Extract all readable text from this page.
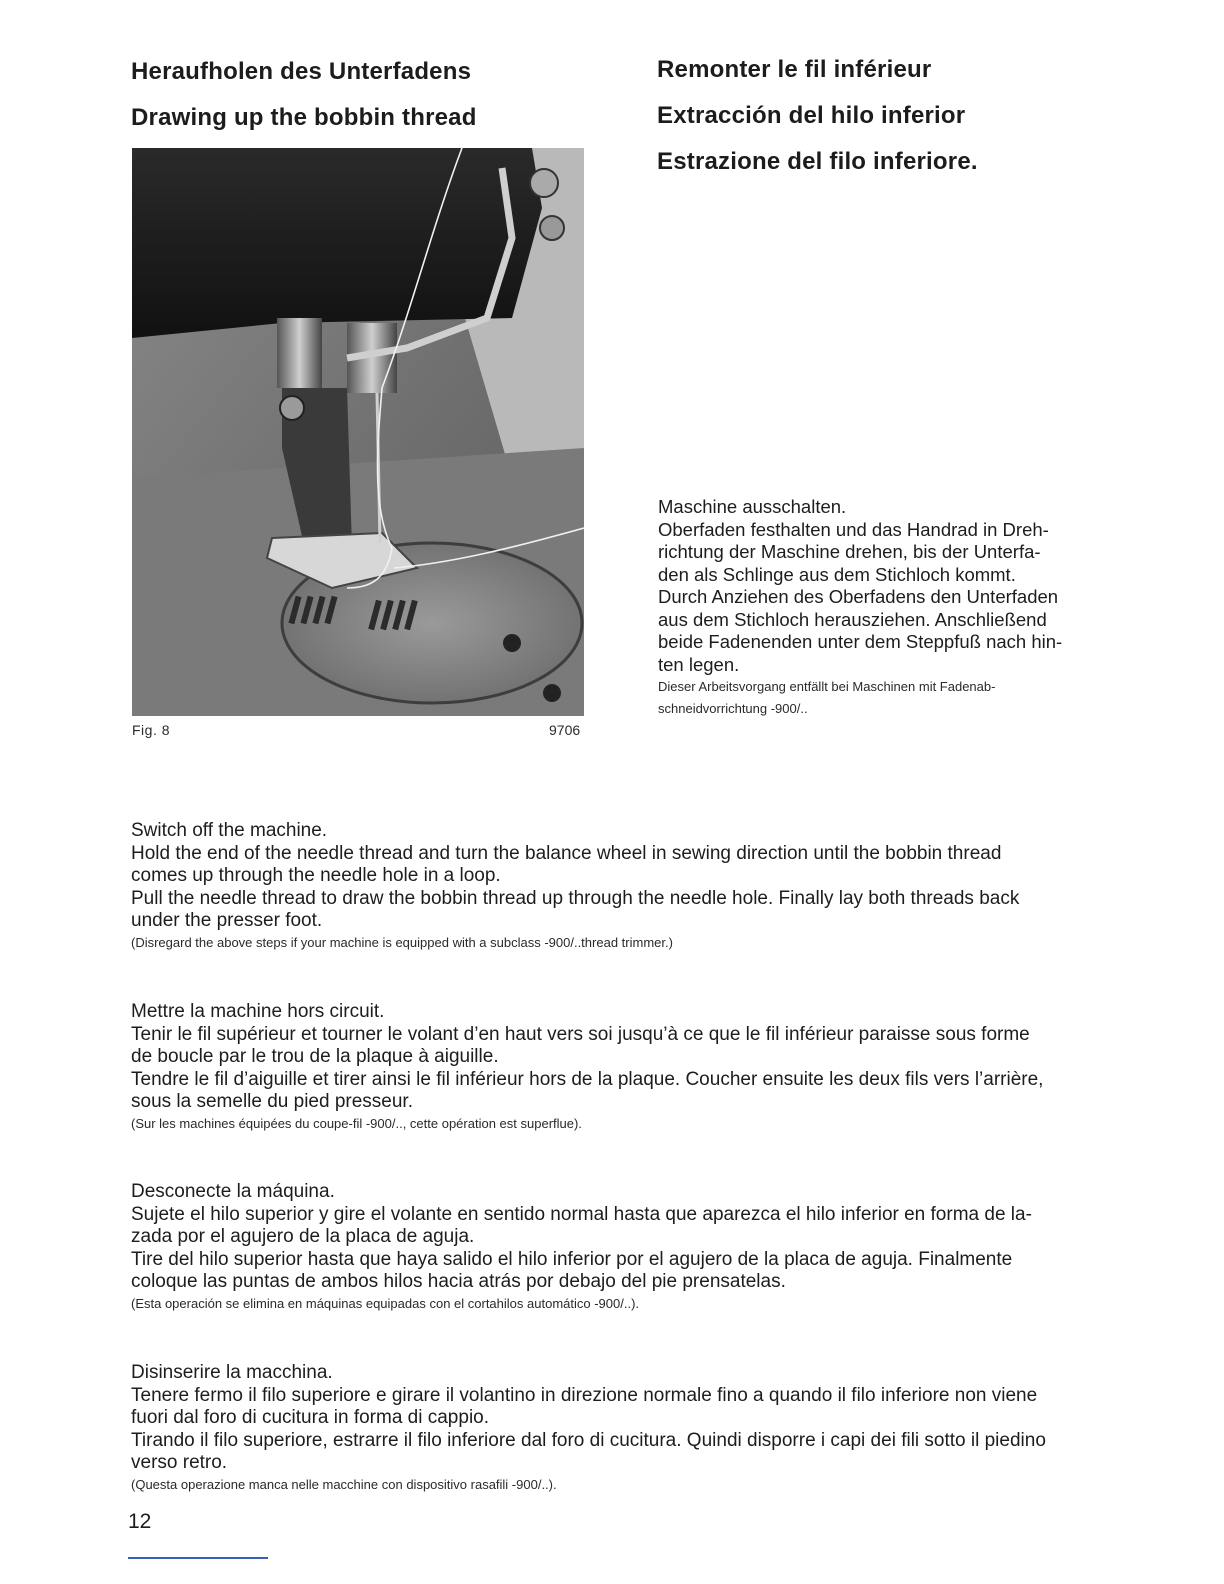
Heraufholen des Unterfadens
Drawing up the bobbin thread
Remonter le fil inférieur
Extracción del hilo inferior
Estrazione del filo inferiore.
Fig. 8	9706

Maschine ausschalten.

Oberfaden festhalten und das Handrad in Dreh-

richtung der Maschine drehen, bis der Unterfa-

den als Schlinge aus dem Stichloch kommt.

Durch Anziehen des Oberfadens den Unterfaden

aus dem Stichloch herausziehen. Anschließend

beide Fadenenden unter dem Steppfuß nach hin-

ten legen.

Dieser Arbeitsvorgang entfällt bei Maschinen mit Fadenab-

schneidvorrichtung -900/..

Switch off the machine.

Hold the end of the needle thread and turn the balance wheel in sewing direction until the bobbin thread

comes up through the needle hole in a loop.

Pull the needle thread to draw the bobbin thread up through the needle hole. Finally lay both threads back

under the presser foot.

(Disregard the above steps if your machine is equipped with a subclass -900/..thread trimmer.)

Mettre la machine hors circuit.

Tenir le fil supérieur et tourner le volant d’en haut vers soi jusqu’à ce que le fil inférieur paraisse sous forme

de boucle par le trou de la plaque à aiguille.

Tendre le fil d’aiguille et tirer ainsi le fil inférieur hors de la plaque. Coucher ensuite les deux fils vers l’arrière,

sous la semelle du pied presseur.

(Sur les machines équipées du coupe-fil -900/.., cette opération est superflue).

Desconecte la máquina.

Sujete el hilo superior y gire el volante en sentido normal hasta que aparezca el hilo inferior en forma de la-

zada por el agujero de la placa de aguja.

Tire del hilo superior hasta que haya salido el hilo inferior por el agujero de la placa de aguja. Finalmente

coloque las puntas de ambos hilos hacia atrás por debajo del pie prensatelas.

(Esta operación se elimina en máquinas equipadas con el cortahilos automático -900/..).

Disinserire la macchina.

Tenere fermo il filo superiore e girare il volantino in direzione normale fino a quando il filo inferiore non viene

fuori dal foro di cucitura in forma di cappio.

Tirando il filo superiore, estrarre il filo inferiore dal foro di cucitura. Quindi disporre i capi dei fili sotto il piedino

verso retro.

(Questa operazione manca nelle macchine con dispositivo rasafili -900/..).

12
